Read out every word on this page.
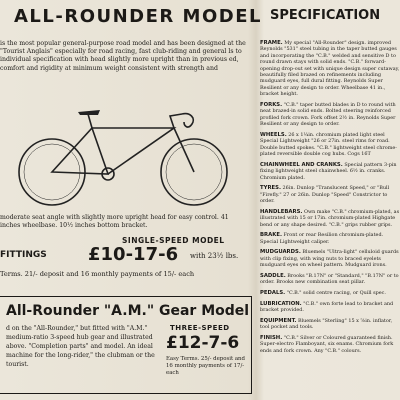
ALL-ROUNDER MODEL SPECIFICATION
is the most popular general-purpose road model and has been designed at the "Tourist Anglais" especially for road racing, fast club-riding and general ls to individual specification with head slightly more upright than in previous ed, comfort and rigidity at minimum weight consistent with strength and
moderate seat angle with slightly more upright head for easy control. 41 inches wheelbase. 10½ inches bottom bracket.
SINGLE-SPEED MODEL
FITTINGS £10-17-6 with 23½ lbs.
Terms. 21/- deposit and 16 monthly payments of 15/- each
All-Rounder "A.M." Gear Model
d on the "All-Rounder," but fitted with "A.M." medium-ratio 3-speed hub gear and illustrated above. "Completion parts" and model. An ideal machine for the long-rider," the clubman or the tourist.
THREE-SPEED
£12-7-6
Easy Terms. 25/- deposit and 16 monthly payments of 17/- each
FRAME. My special "All-Rounder" design. improved Reynolds "531" steel tubing in the taper butted gauges and incorporating the "C.B." welded and sensitive D to round drawn stays with solid ends. "C.B." forward-opening drop-out set with unique design super cutaway, beautifully filed brazed on refinements including mudguard eyes, full dural fitting. Reynolds Super Resilient or any design to order. Wheelbase 41 in., bracket height.
FORKS. "C.B." taper butted blades in D to round with neat brazed-in solid ends. Bolted steering reinforced profiled fork crown. Fork offset 2½ in. Reynolds Super Resilient or any design to order.
WHEELS. 26 x 1¼in. chromium plated light steel Special Lightweight "26 or 27in. steel rims for road. Double butted spokes. "C.B." lightweight steel chrome-plated reversible double cog hubs. Cogs 16T
CHAINWHEEL AND CRANKS. Special pattern 3-pin fixing lightweight steel chainwheel. 6½ in. cranks. Chromium plated.
TYRES. 26in. Dunlop "Translucent Speed," or "Bull "Firefly." 27 or 26in. Dunlop "Speed" Constrictor to order.
HANDLEBARS. Own make "C.B." chromium-plated, as illustrated with 15 or 17in. chromium-plated Highgate bend or any shape desired. "C.B." grips rubber grips.
BRAKE. Front or rear Resilion chromium-plated. Special Lightweight caliper.
MUDGUARDS. Bluemels "Ultra-light" celluloid guards with clip fixing, with wing nuts to braced eyelets mudguard eyes on wheel pattern. Mudguard irons.
SADDLE. Brooks "B.17N" or "Standard," "B.17N" or to order. Brooks new combination seat pillar.
PEDALS. "C.B." solid centre racing, or Quill spec.
LUBRICATION. "C.B." own forte lead to bracket and bracket provided.
EQUIPMENT. Bluemels "Sterling" 15 x ⅝in. inflator, tool pocket and tools.
FINISH. "C.B." Silver or Coloured guaranteed finish. Super-electro Flamboyant, six enams. Chromium fork ends and fork crown. Any "C.B." colours.
